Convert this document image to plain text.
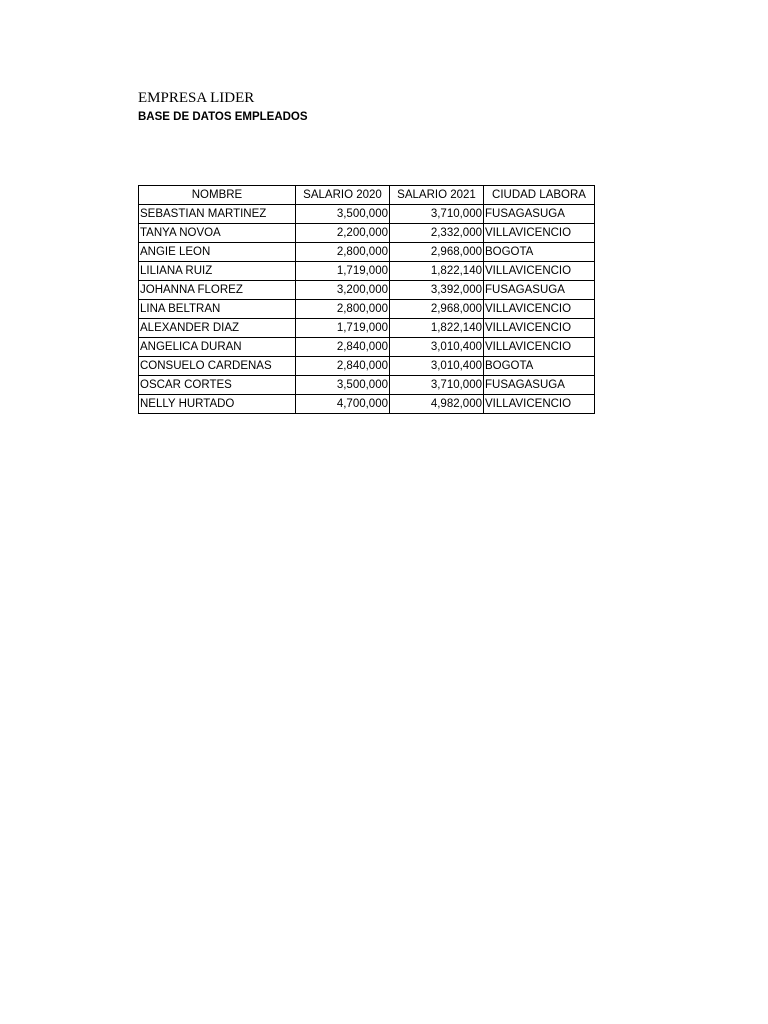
EMPRESA LIDER
BASE DE DATOS EMPLEADOS
NOMBRE	SALARIO 2020	SALARIO 2021	CIUDAD LABORA
SEBASTIAN MARTINEZ	3,500,000	3,710,000	FUSAGASUGA
TANYA NOVOA	2,200,000	2,332,000	VILLAVICENCIO
ANGIE LEON	2,800,000	2,968,000	BOGOTA
LILIANA RUIZ	1,719,000	1,822,140	VILLAVICENCIO
JOHANNA FLOREZ	3,200,000	3,392,000	FUSAGASUGA
LINA BELTRAN	2,800,000	2,968,000	VILLAVICENCIO
ALEXANDER DIAZ	1,719,000	1,822,140	VILLAVICENCIO
ANGELICA DURAN	2,840,000	3,010,400	VILLAVICENCIO
CONSUELO CARDENAS	2,840,000	3,010,400	BOGOTA
OSCAR CORTES	3,500,000	3,710,000	FUSAGASUGA
NELLY HURTADO	4,700,000	4,982,000	VILLAVICENCIO
